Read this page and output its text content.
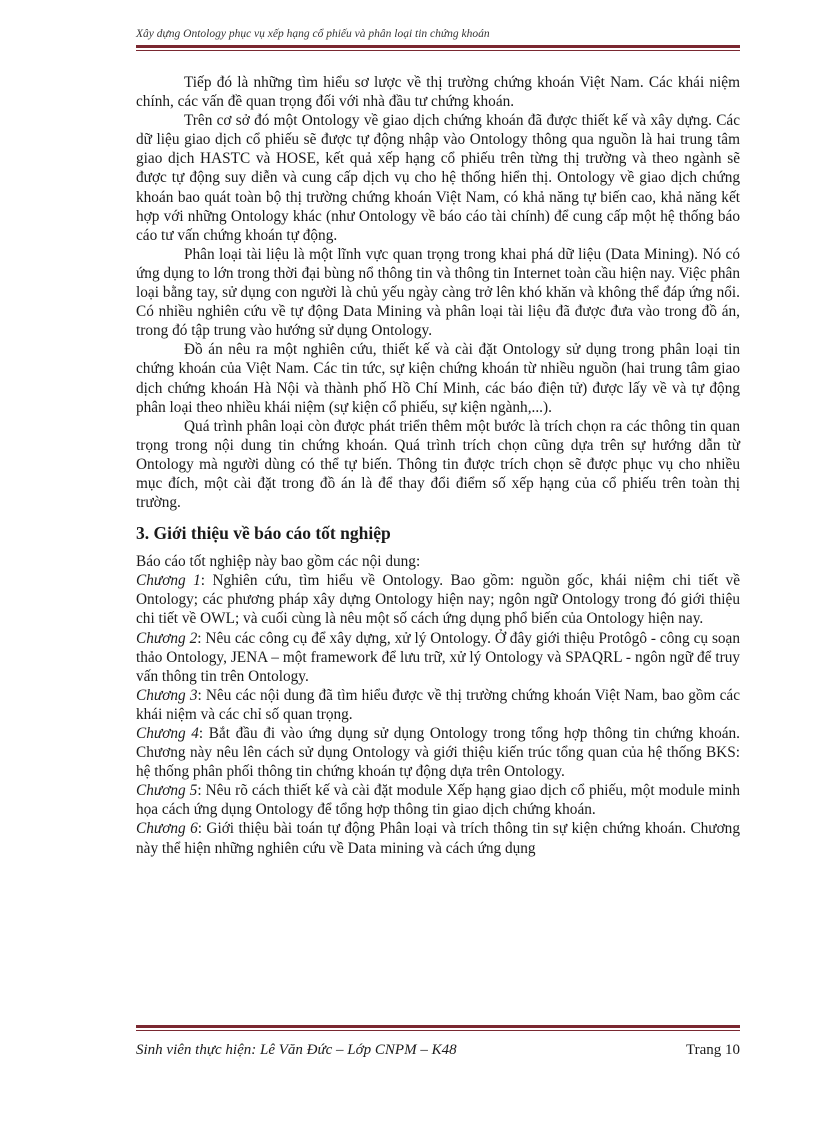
Xây dựng Ontology phục vụ xếp hạng cổ phiếu và phân loại tin chứng khoán

Tiếp đó là những tìm hiểu sơ lược về thị trường chứng khoán Việt Nam. Các khái niệm chính, các vấn đề quan trọng đối với nhà đầu tư chứng khoán.

Trên cơ sở đó một Ontology về giao dịch chứng khoán đã được thiết kế và xây dựng. Các dữ liệu giao dịch cổ phiếu sẽ được tự động nhập vào Ontology thông qua nguồn là hai trung tâm giao dịch HASTC và HOSE, kết quả xếp hạng cổ phiếu trên từng thị trường và theo ngành sẽ được tự động suy diễn và cung cấp dịch vụ cho hệ thống hiển thị. Ontology về giao dịch chứng khoán bao quát toàn bộ thị trường chứng khoán Việt Nam, có khả năng tự biến cao, khả năng kết hợp với những Ontology khác (như Ontology về báo cáo tài chính) để cung cấp một hệ thống báo cáo tư vấn chứng khoán tự động.

Phân loại tài liệu là một lĩnh vực quan trọng trong khai phá dữ liệu (Data Mining). Nó có ứng dụng to lớn trong thời đại bùng nổ thông tin và thông tin Internet toàn cầu hiện nay. Việc phân loại bằng tay, sử dụng con người là chủ yếu ngày càng trở lên khó khăn và không thể đáp ứng nổi. Có nhiều nghiên cứu về tự động Data Mining và phân loại tài liệu đã được đưa vào trong đồ án, trong đó tập trung vào hướng sử dụng Ontology.

Đồ án nêu ra một nghiên cứu, thiết kế và cài đặt Ontology sử dụng trong phân loại tin chứng khoán của Việt Nam. Các tin tức, sự kiện chứng khoán từ nhiều nguồn (hai trung tâm giao dịch chứng khoán Hà Nội và thành phố Hồ Chí Minh, các báo điện tử) được lấy về và tự động phân loại theo nhiều khái niệm (sự kiện cổ phiếu, sự kiện ngành,...).

Quá trình phân loại còn được phát triển thêm một bước là trích chọn ra các thông tin quan trọng trong nội dung tin chứng khoán. Quá trình trích chọn cũng dựa trên sự hướng dẫn từ Ontology mà người dùng có thể tự biến. Thông tin được trích chọn sẽ được phục vụ cho nhiều mục đích, một cài đặt trong đồ án là để thay đổi điểm số xếp hạng của cổ phiếu trên toàn thị trường.

3. Giới thiệu về báo cáo tốt nghiệp

Báo cáo tốt nghiệp này bao gồm các nội dung:

Chương 1: Nghiên cứu, tìm hiểu về Ontology. Bao gồm: nguồn gốc, khái niệm chi tiết về Ontology; các phương pháp xây dựng Ontology hiện nay; ngôn ngữ Ontology trong đó giới thiệu chi tiết về OWL; và cuối cùng là nêu một số cách ứng dụng phổ biến của Ontology hiện nay.

Chương 2: Nêu các công cụ để xây dựng, xử lý Ontology. Ở đây giới thiệu Protôgô - công cụ soạn thảo Ontology, JENA – một framework để lưu trữ, xử lý Ontology và SPAQRL - ngôn ngữ để truy vấn thông tin trên Ontology.

Chương 3: Nêu các nội dung đã tìm hiểu được về thị trường chứng khoán Việt Nam, bao gồm các khái niệm và các chỉ số quan trọng.

Chương 4: Bắt đầu đi vào ứng dụng sử dụng Ontology trong tổng hợp thông tin chứng khoán. Chương này nêu lên cách sử dụng Ontology và giới thiệu kiến trúc tổng quan của hệ thống BKS: hệ thống phân phối thông tin chứng khoán tự động dựa trên Ontology.

Chương 5: Nêu rõ cách thiết kế và cài đặt module Xếp hạng giao dịch cổ phiếu, một module minh họa cách ứng dụng Ontology để tổng hợp thông tin giao dịch chứng khoán.

Chương 6: Giới thiệu bài toán tự động Phân loại và trích thông tin sự kiện chứng khoán. Chương này thể hiện những nghiên cứu về Data mining và cách ứng dụng

Sinh viên thực hiện: Lê Văn Đức – Lớp CNPM – K48	Trang 10
